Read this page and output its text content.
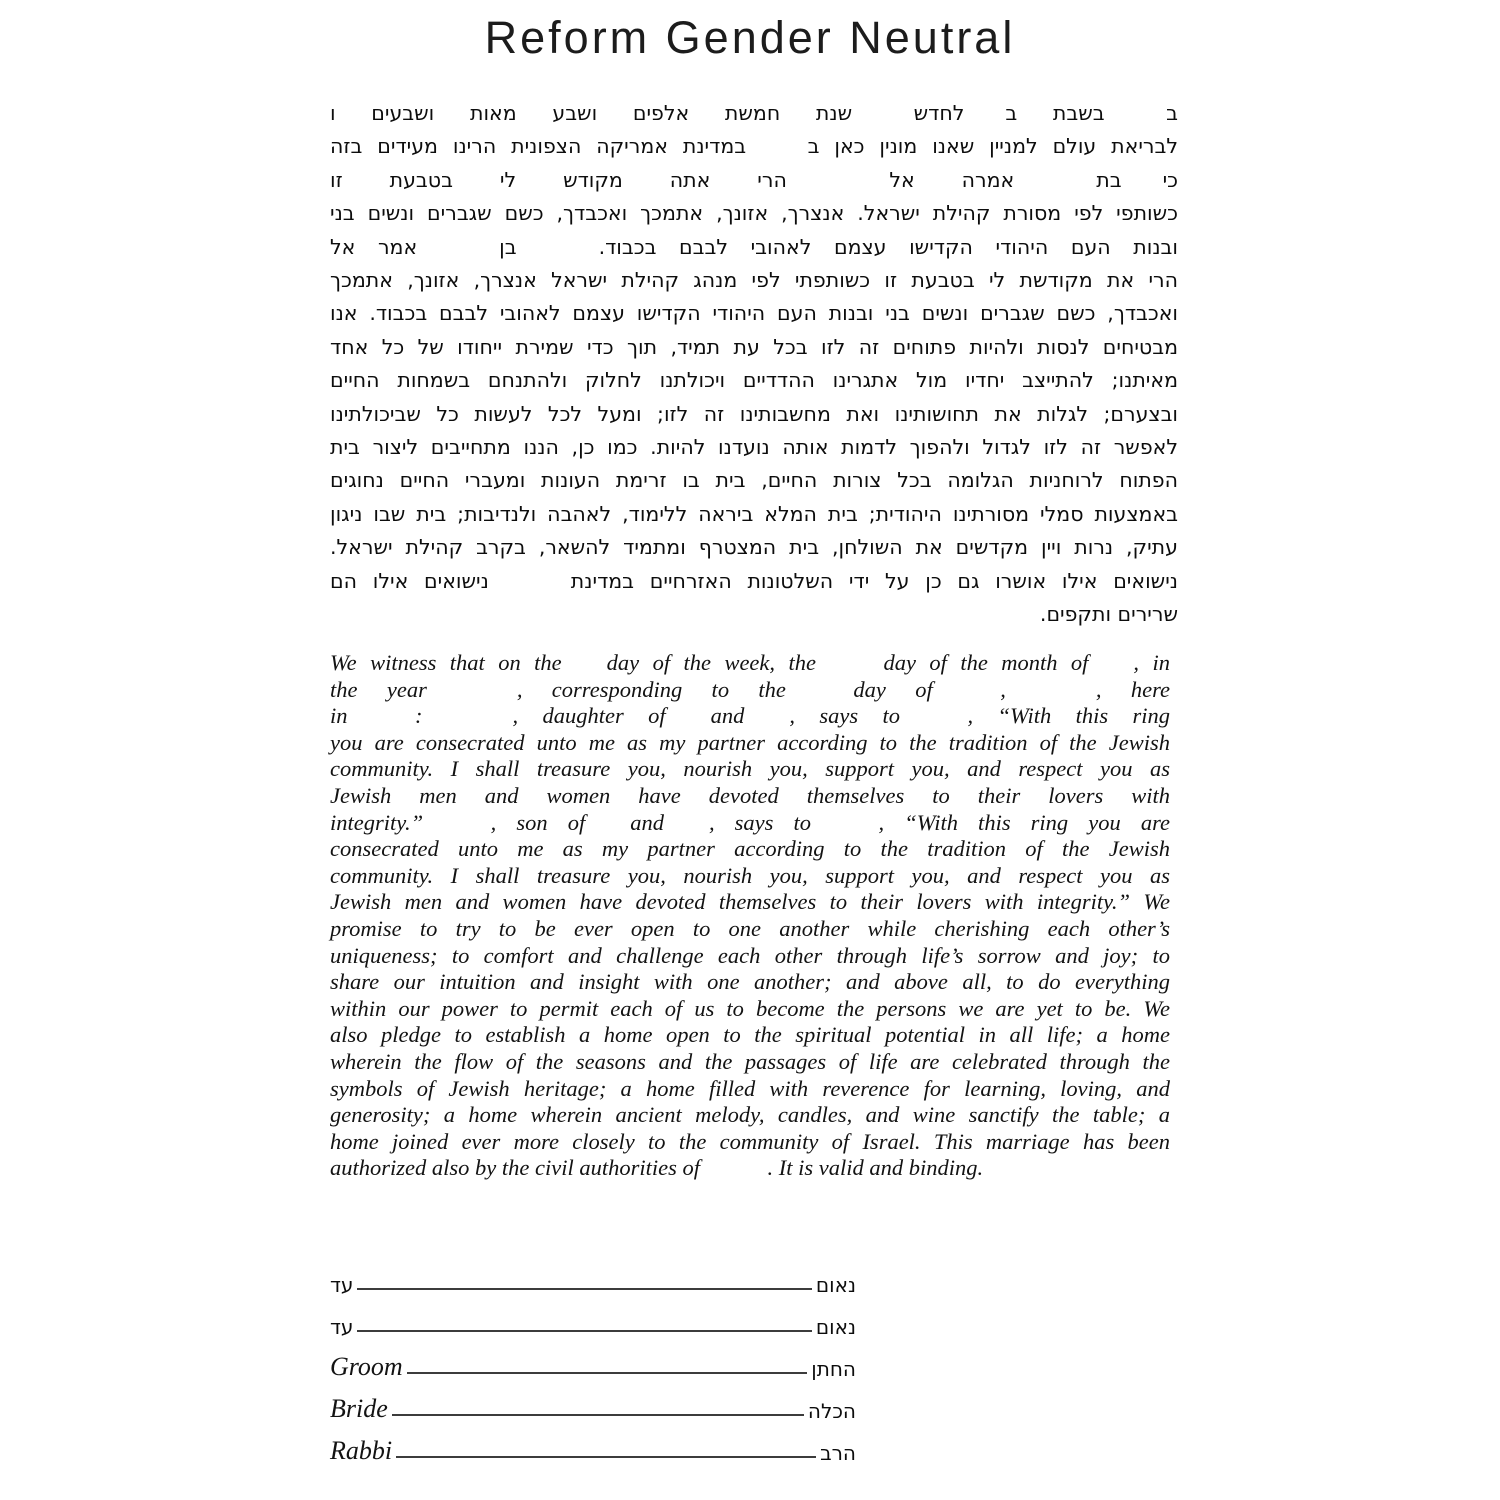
Reform Gender Neutral
ב   בשבת ב  לחדש   שנת חמשת אלפים ושבע מאות ושבעים ו
לבריאת עולם למניין שאנו מונין כאן ב   במדינת אמריקה הצפונית הרינו מעידים בזה
כי  בת    אמרה אל     הרי אתה מקודש לי בטבעת זו
כשותפי לפי מסורת קהילת ישראל. אנצרך, אזונך, אתמכך ואכבדך, כשם שגברים ונשים בני
ובנות העם היהודי הקדישו עצמם לאהובי לבבם בכבוד.    בן    אמר אל
הרי את מקודשת לי בטבעת זו כשותפתי לפי מנהג קהילת ישראל אנצרך, אזונך, אתמכך
ואכבדך, כשם שגברים ונשים בני ובנות העם היהודי הקדישו עצמם לאהובי לבבם בכבוד. אנו
מבטיחים לנסות ולהיות פתוחים זה לזו בכל עת תמיד, תוך כדי שמירת ייחודו של כל אחד
מאיתנו; להתייצב יחדיו מול אתגרינו ההדדיים ויכולתנו לחלוק ולהתנחם בשמחות החיים
ובצערם; לגלות את תחושותינו ואת מחשבותינו זה לזו; ומעל לכל לעשות כל שביכולתינו
לאפשר זה לזו לגדול ולהפוך לדמות אותה נועדנו להיות. כמו כן, הננו מתחייבים ליצור בית
הפתוח לרוחניות הגלומה בכל צורות החיים, בית בו זרימת העונות ומעברי החיים נחוגים
באמצעות סמלי מסורתינו היהודית; בית המלא ביראה ללימוד, לאהבה ולנדיבות; בית שבו ניגון
עתיק, נרות ויין מקדשים את השולחן, בית המצטרף ומתמיד להשאר, בקרב קהילת ישראל.
נישואים אילו אושרו גם כן על ידי השלטונות האזרחיים במדינת    נישואים אילו הם
שרירים ותקפים.
We witness that on the  day of the week, the   day of the month of  , in
the year    , corresponding to the   day of   ,    , here
in   :    , daughter of  and  , says to   , “With this ring
you are consecrated unto me as my partner according to the tradition of the Jewish
community. I shall treasure you, nourish you, support you, and respect you as
Jewish men and women have devoted themselves to their lovers with
integrity.”   , son of  and  , says to   , “With this ring you are
consecrated unto me as my partner according to the tradition of the Jewish
community. I shall treasure you, nourish you, support you, and respect you as
Jewish men and women have devoted themselves to their lovers with integrity.” We
promise to try to be ever open to one another while cherishing each other’s
uniqueness; to comfort and challenge each other through life’s sorrow and joy; to
share our intuition and insight with one another; and above all, to do everything
within our power to permit each of us to become the persons we are yet to be. We
also pledge to establish a home open to the spiritual potential in all life; a home
wherein the flow of the seasons and the passages of life are celebrated through the
symbols of Jewish heritage; a home filled with reverence for learning, loving, and
generosity; a home wherein ancient melody, candles, and wine sanctify the table; a
home joined ever more closely to the community of Israel. This marriage has been
authorized also by the civil authorities of   . It is valid and binding.
עד	נאום
עד	נאום
Groom	החתן
Bride	הכלה
Rabbi	הרב
